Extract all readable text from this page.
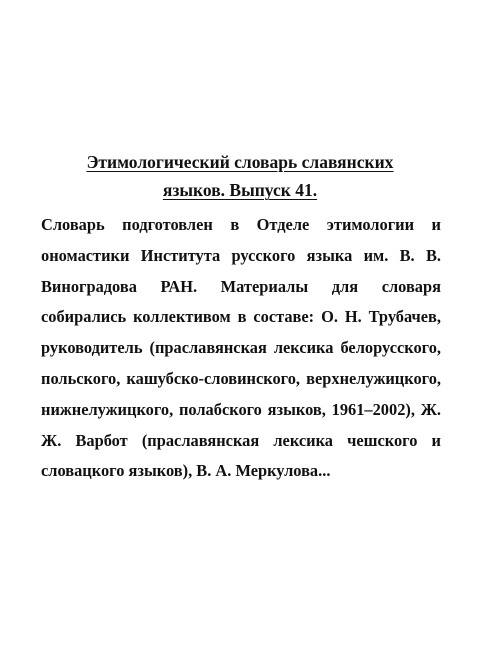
Этимологический словарь славянских
языков. Выпуск 41.

Словарь подготовлен в Отделе этимологии и ономастики Института русского языка им. В. В. Виноградова РАН. Материалы для словаря собирались коллективом в составе: О. Н. Трубачев, руководитель (праславянская лексика белорусского, польского, кашубско-словинского, верхнелужицкого, нижнелужицкого, полабского языков, 1961–2002), Ж. Ж. Варбот (праславянская лексика чешского и словацкого языков), В. А. Меркулова...
